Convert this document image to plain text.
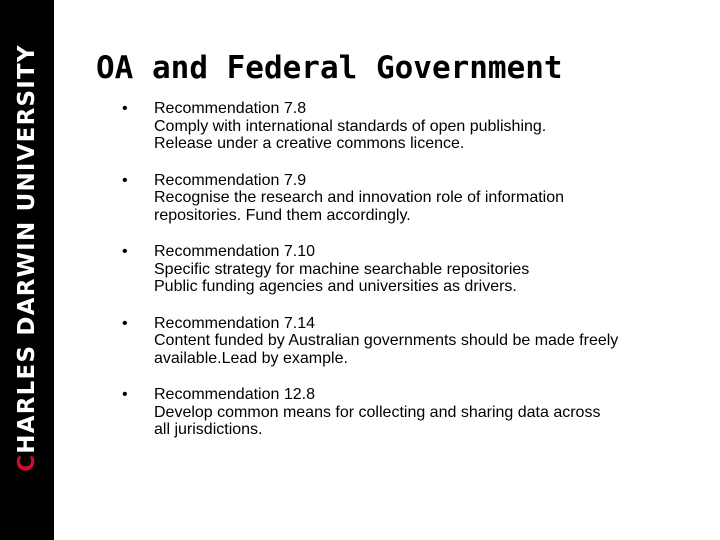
CHARLES DARWIN UNIVERSITY OA and Federal Government
• Recommendation 7.8
Comply with international standards of open publishing.
Release under a creative commons licence.
• Recommendation 7.9
Recognise the research and innovation role of information
repositories. Fund them accordingly.
• Recommendation 7.10
Specific strategy for machine searchable repositories
Public funding agencies and universities as drivers.
• Recommendation 7.14
Content funded by Australian governments should be made freely
available.Lead by example.
• Recommendation 12.8
Develop common means for collecting and sharing data across
all jurisdictions.
